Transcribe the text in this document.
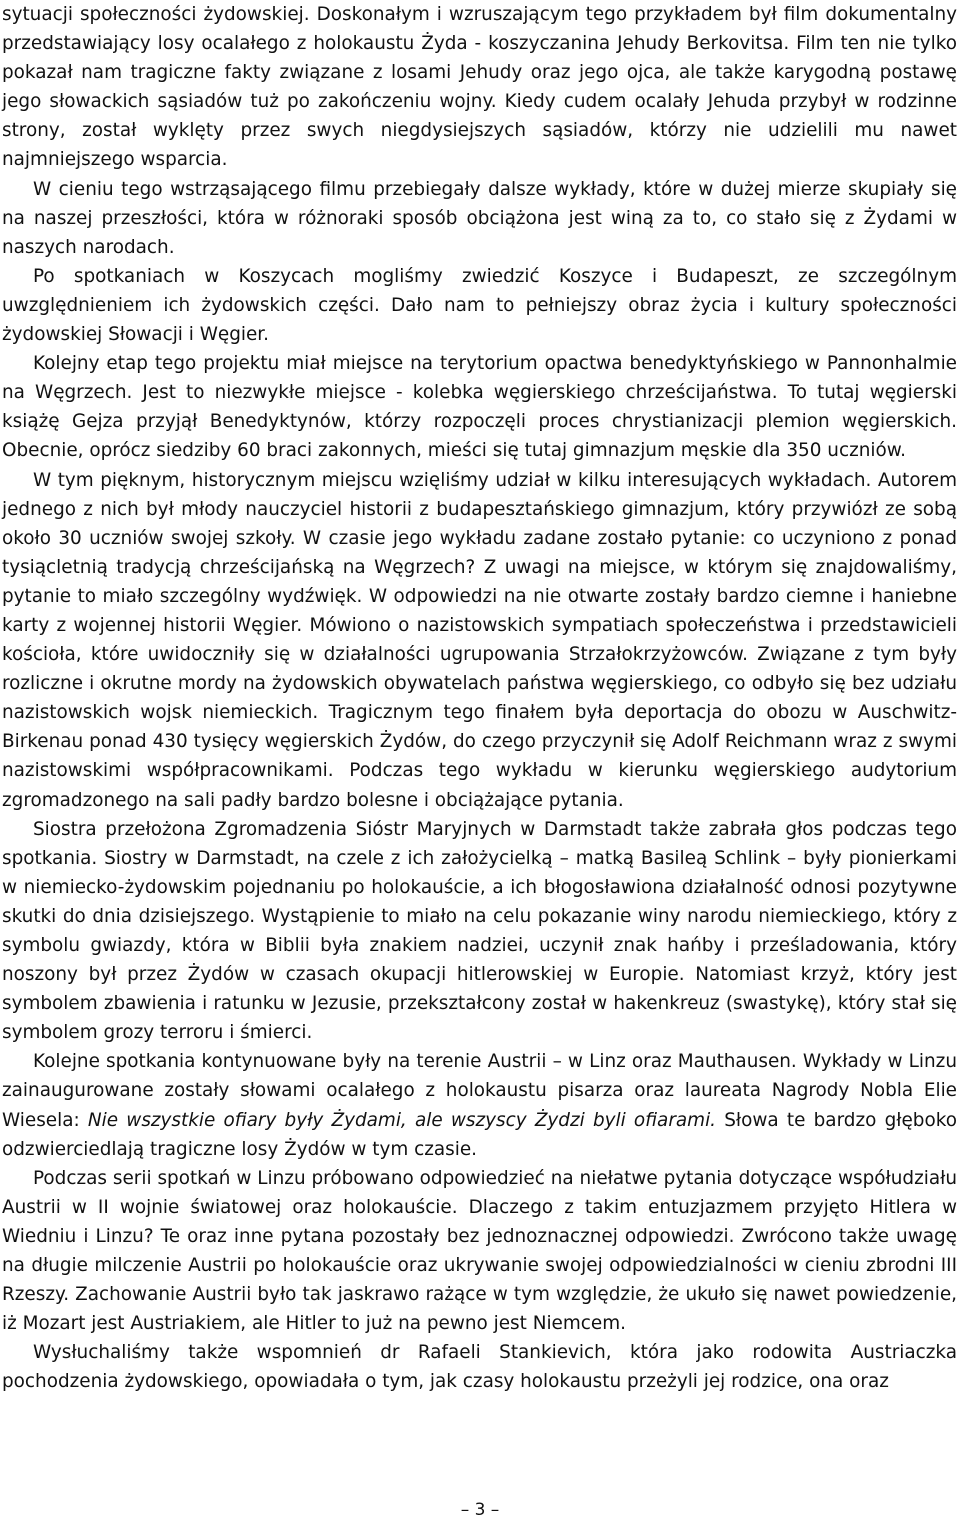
sytuacji społeczności żydowskiej. Doskonałym i wzruszającym tego przykładem był film dokumentalny przedstawiający losy ocalałego z holokaustu Żyda - koszyczanina Jehudy Berkovitsa. Film ten nie tylko pokazał nam tragiczne fakty związane z losami Jehudy oraz jego ojca, ale także karygodną postawę jego słowackich sąsiadów tuż po zakończeniu wojny. Kiedy cudem ocalały Jehuda przybył w rodzinne strony, został wyklęty przez swych niegdysiejszych sąsiadów, którzy nie udzielili mu nawet najmniejszego wsparcia.

W cieniu tego wstrząsającego filmu przebiegały dalsze wykłady, które w dużej mierze skupiały się na naszej przeszłości, która w różnoraki sposób obciążona jest winą za to, co stało się z Żydami w naszych narodach.

Po spotkaniach w Koszycach mogliśmy zwiedzić Koszyce i Budapeszt, ze szczególnym uwzględnieniem ich żydowskich części. Dało nam to pełniejszy obraz życia i kultury społeczności żydowskiej Słowacji i Węgier.

Kolejny etap tego projektu miał miejsce na terytorium opactwa benedyktyńskiego w Pannonhalmie na Węgrzech. Jest to niezwykłe miejsce - kolebka węgierskiego chrześcijaństwa. To tutaj węgierski książę Gejza przyjął Benedyktynów, którzy rozpoczęli proces chrystianizacji plemion węgierskich. Obecnie, oprócz siedziby 60 braci zakonnych, mieści się tutaj gimnazjum męskie dla 350 uczniów.

W tym pięknym, historycznym miejscu wzięliśmy udział w kilku interesujących wykładach. Autorem jednego z nich był młody nauczyciel historii z budapesztańskiego gimnazjum, który przywiózł ze sobą około 30 uczniów swojej szkoły. W czasie jego wykładu zadane zostało pytanie: co uczyniono z ponad tysiącletnią tradycją chrześcijańską na Węgrzech? Z uwagi na miejsce, w którym się znajdowaliśmy, pytanie to miało szczególny wydźwięk. W odpowiedzi na nie otwarte zostały bardzo ciemne i haniebne karty z wojennej historii Węgier. Mówiono o nazistowskich sympatiach społeczeństwa i przedstawicieli kościoła, które uwidoczniły się w działalności ugrupowania Strzałokrzyżowców. Związane z tym były rozliczne i okrutne mordy na żydowskich obywatelach państwa węgierskiego, co odbyło się bez udziału nazistowskich wojsk niemieckich. Tragicznym tego finałem była deportacja do obozu w Auschwitz-Birkenau ponad 430 tysięcy węgierskich Żydów, do czego przyczynił się Adolf Reichmann wraz z swymi nazistowskimi współpracownikami. Podczas tego wykładu w kierunku węgierskiego audytorium zgromadzonego na sali padły bardzo bolesne i obciążające pytania.

Siostra przełożona Zgromadzenia Sióstr Maryjnych w Darmstadt także zabrała głos podczas tego spotkania. Siostry w Darmstadt, na czele z ich założycielką – matką Basileą Schlink – były pionierkami w niemiecko-żydowskim pojednaniu po holokauście, a ich błogosławiona działalność odnosi pozytywne skutki do dnia dzisiejszego. Wystąpienie to miało na celu pokazanie winy narodu niemieckiego, który z symbolu gwiazdy, która w Biblii była znakiem nadziei, uczynił znak hańby i prześladowania, który noszony był przez Żydów w czasach okupacji hitlerowskiej w Europie. Natomiast krzyż, który jest symbolem zbawienia i ratunku w Jezusie, przekształcony został w hakenkreuz (swastykę), który stał się symbolem grozy terroru i śmierci.

Kolejne spotkania kontynuowane były na terenie Austrii – w Linz oraz Mauthausen. Wykłady w Linzu zainaugurowane zostały słowami ocalałego z holokaustu pisarza oraz laureata Nagrody Nobla Elie Wiesela: Nie wszystkie ofiary były Żydami, ale wszyscy Żydzi byli ofiarami. Słowa te bardzo głęboko odzwierciedlają tragiczne losy Żydów w tym czasie.

Podczas serii spotkań w Linzu próbowano odpowiedzieć na niełatwe pytania dotyczące współudziału Austrii w II wojnie światowej oraz holokauście. Dlaczego z takim entuzjazmem przyjęto Hitlera w Wiedniu i Linzu? Te oraz inne pytana pozostały bez jednoznacznej odpowiedzi. Zwrócono także uwagę na długie milczenie Austrii po holokauście oraz ukrywanie swojej odpowiedzialności w cieniu zbrodni III Rzeszy. Zachowanie Austrii było tak jaskrawo rażące w tym względzie, że ukuło się nawet powiedzenie, iż Mozart jest Austriakiem, ale Hitler to już na pewno jest Niemcem.

Wysłuchaliśmy także wspomnień dr Rafaeli Stankievich, która jako rodowita Austriaczka pochodzenia żydowskiego, opowiadała o tym, jak czasy holokaustu przeżyli jej rodzice, ona oraz

– 3 –
